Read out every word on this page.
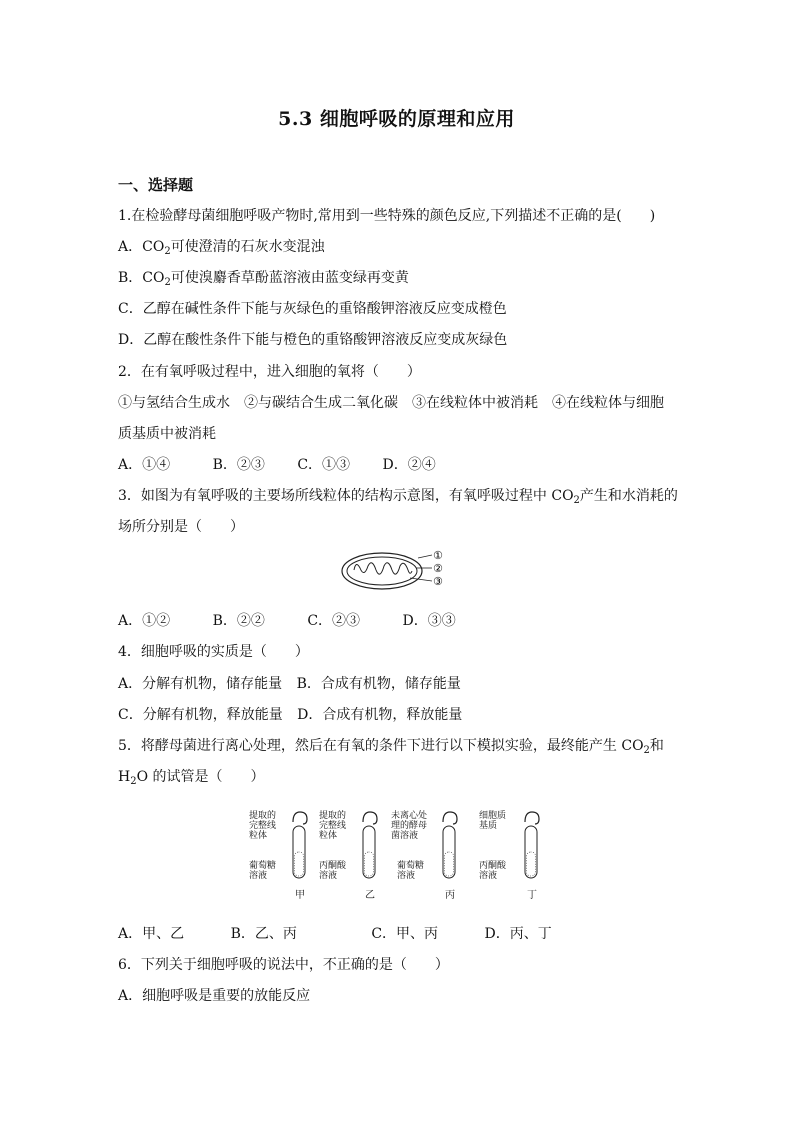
5.3 细胞呼吸的原理和应用
一、选择题
1.在检验酵母菌细胞呼吸产物时,常用到一些特殊的颜色反应,下列描述不正确的是(　　)
A．$CO_2$可使澄清的石灰水变混浊
B．$CO_2$可使溴麝香草酚蓝溶液由蓝变绿再变黄
C．乙醇在碱性条件下能与灰绿色的重铬酸钾溶液反应变成橙色
D．乙醇在酸性条件下能与橙色的重铬酸钾溶液反应变成灰绿色
2．在有氧呼吸过程中，进入细胞的氧将（　　）
①与氢结合生成水　②与碳结合生成二氧化碳　③在线粒体中被消耗　④在线粒体与细胞
质基质中被消耗
A．①④	B．②③ C．①③ D．②④
3．如图为有氧呼吸的主要场所线粒体的结构示意图，有氧呼吸过程中 $CO_2$产生和水消耗的
场所分别是（　　）
①
②
③
A．①②	B．②②	C．②③	D．③③
4．细胞呼吸的实质是（　　）
A．分解有机物，储存能量 B．合成有机物，储存能量
C．分解有机物，释放能量 D．合成有机物，释放能量
5．将酵母菌进行离心处理，然后在有氧的条件下进行以下模拟实验，最终能产生 $CO_2$和
$H_2O$ 的试管是（　　）
提取的
完整线
粒体
葡萄糖
溶液
甲
提取的
完整线
粒体
丙酮酸
溶液
乙
未离心处
理的酵母
菌溶液
葡萄糖
溶液
丙
细胞质
基质
丙酮酸
溶液
丁
A．甲、乙	B．乙、丙	C．甲、丙	D．丙、丁
6．下列关于细胞呼吸的说法中，不正确的是（　　）
A．细胞呼吸是重要的放能反应
